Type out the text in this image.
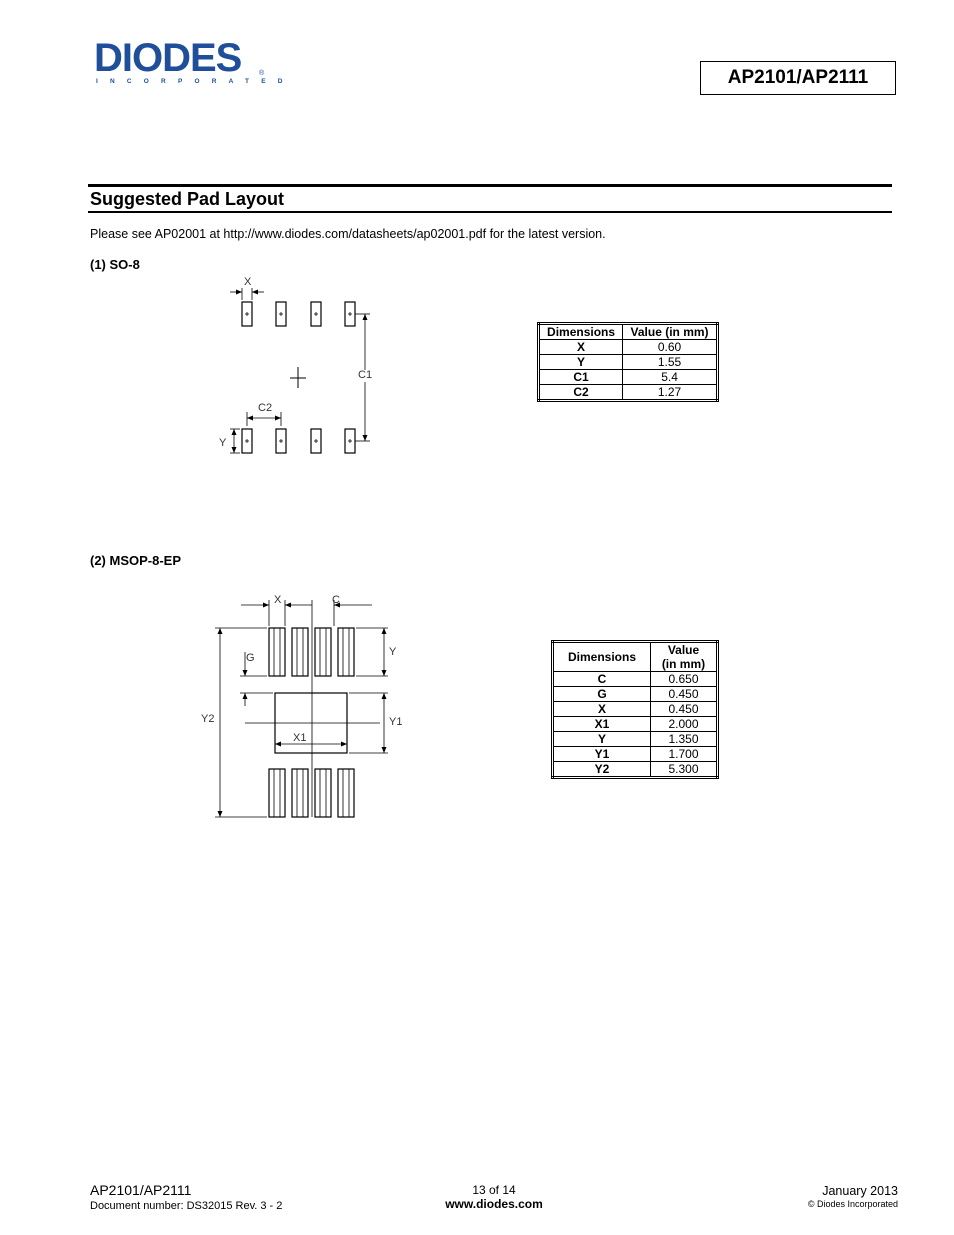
DIODES	®
INCORPORATED	AP2101/AP2111
Suggested Pad Layout
Please see AP02001 at http://www.diodes.com/datasheets/ap02001.pdf for the latest version.
(1) SO-8
X
C1
C2
Y
Dimensions	Value (in mm)
X	0.60
Y	1.55
C1	5.4
C2	1.27
(2) MSOP-8-EP
X	C
G	Y
Y1
Y2
X1
Dimensions	Value
(in mm)
C	0.650
G	0.450
X	0.450
X1	2.000
Y	1.350
Y1	1.700
Y2	5.300
AP2101/AP2111
Document number: DS32015 Rev. 3 - 2
13 of 14
www.diodes.com
January 2013
© Diodes Incorporated
